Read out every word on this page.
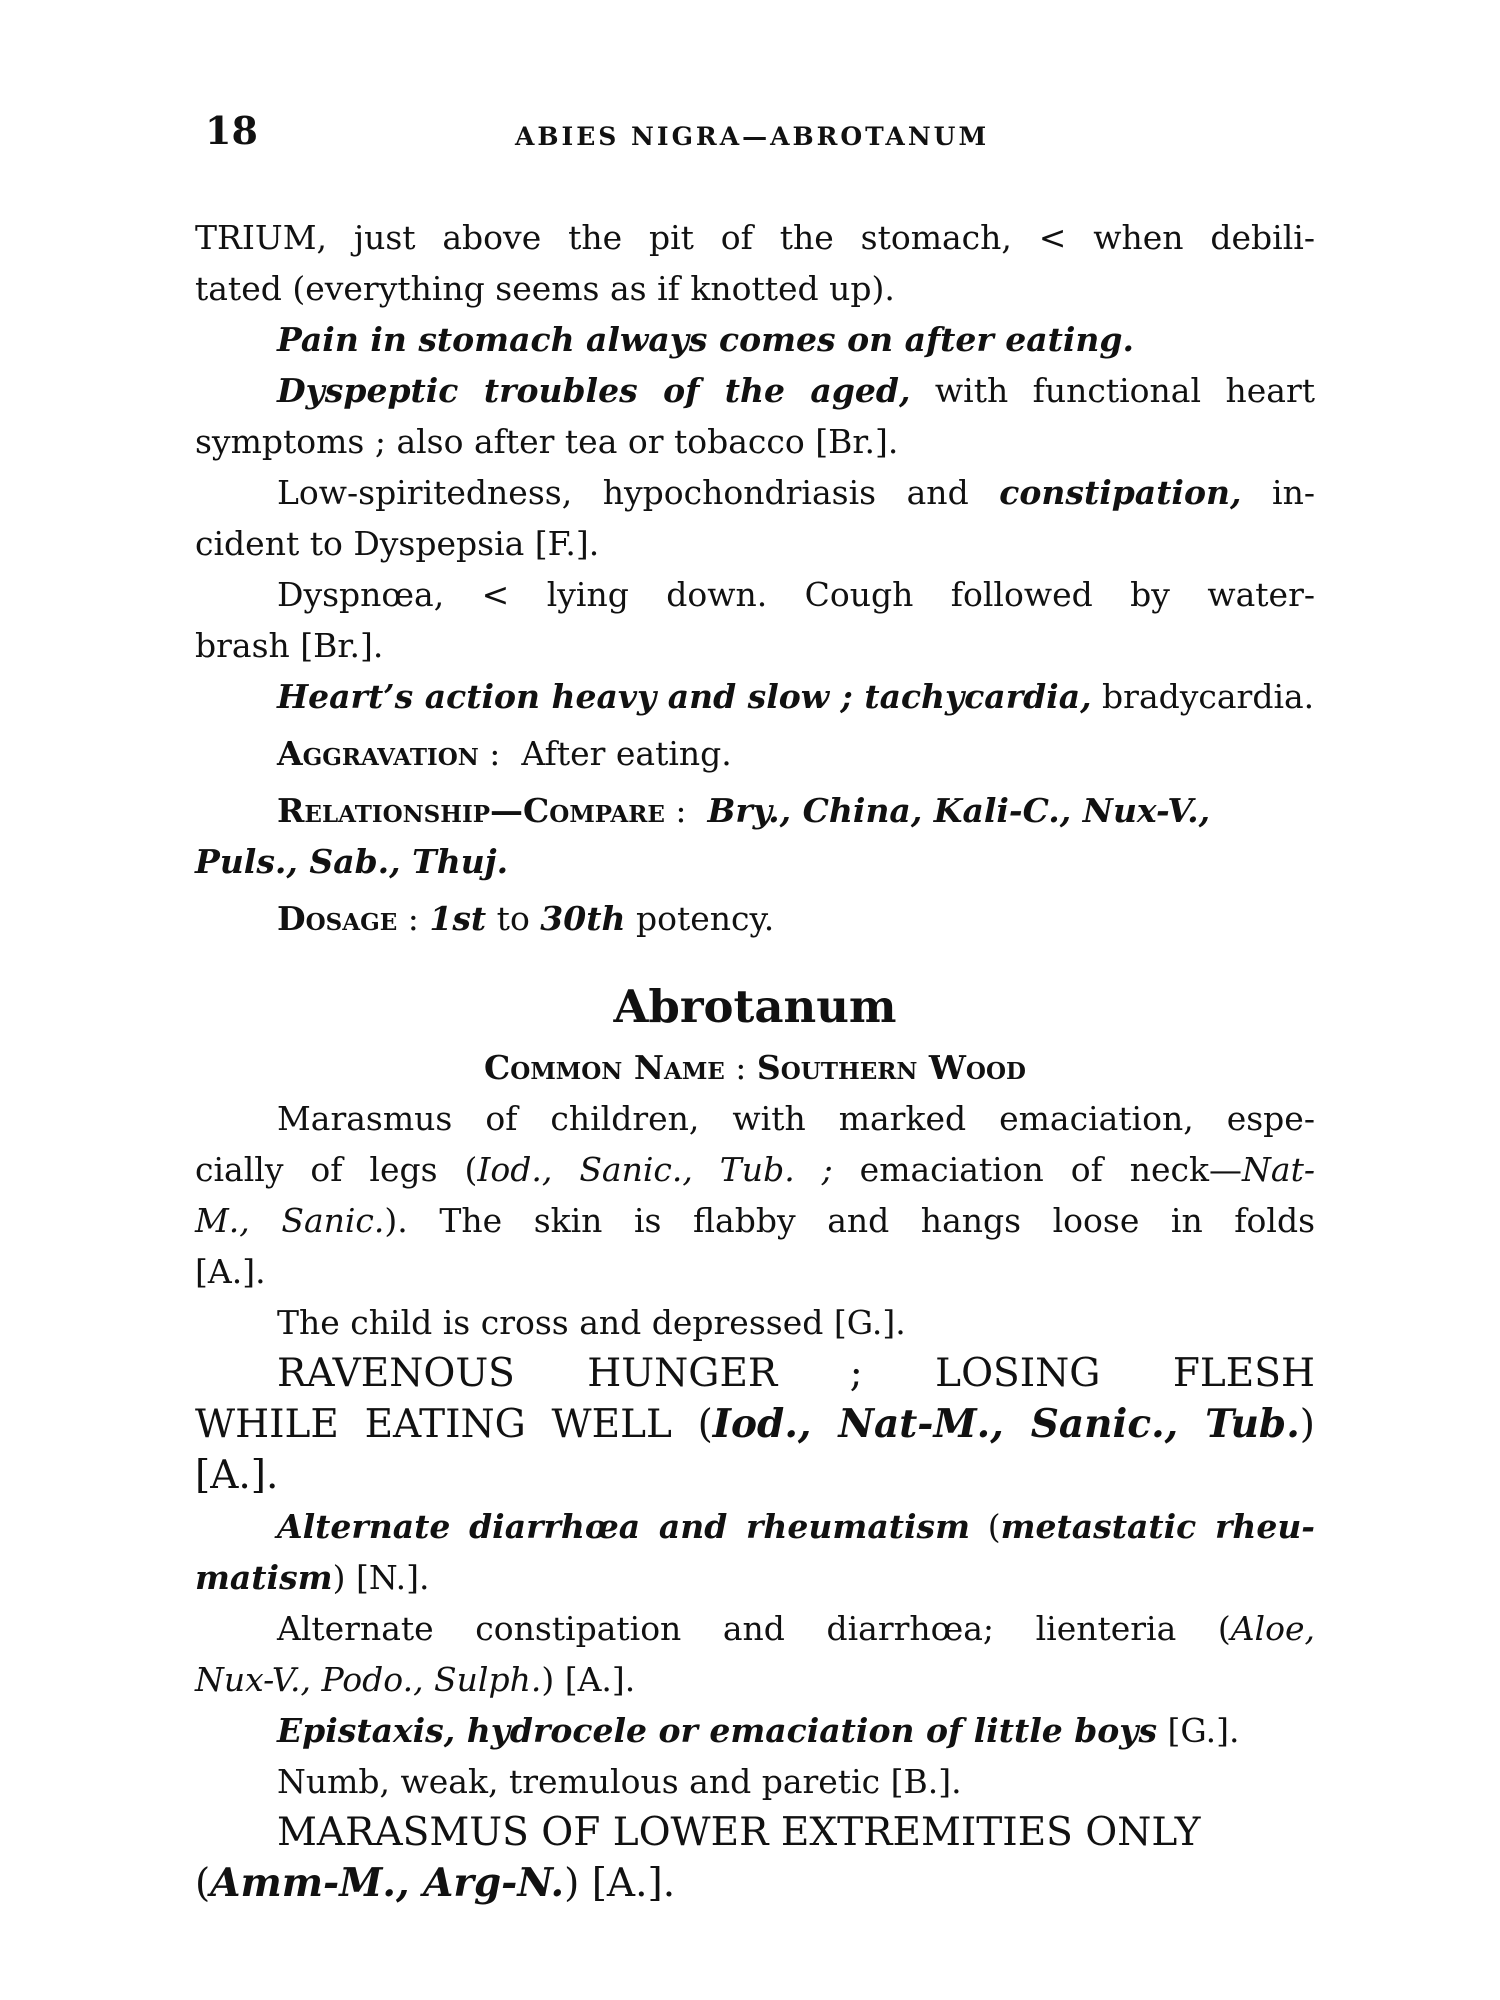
18	ABIES NIGRA—ABROTANUM
TRIUM, just above the pit of the stomach, < when debili-
tated (everything seems as if knotted up).
Pain in stomach always comes on after eating.
Dyspeptic troubles of the aged, with functional heart
symptoms ; also after tea or tobacco [Br.].
Low-spiritedness, hypochondriasis and constipation, in-
cident to Dyspepsia [F.].
Dyspnœa, < lying down. Cough followed by water-
brash [Br.].
Heart’s action heavy and slow ; tachycardia, bradycardia.
Aggravation :  After eating.
Relationship—Compare :  Bry., China, Kali-C., Nux-V.,
Puls., Sab., Thuj.
Dosage : 1st to 30th potency.
Abrotanum
Common Name : Southern Wood
Marasmus of children, with marked emaciation, espe-
cially of legs (Iod., Sanic., Tub. ; emaciation of neck—Nat-
M., Sanic.). The skin is flabby and hangs loose in folds
[A.].
The child is cross and depressed [G.].
RAVENOUS HUNGER ; LOSING FLESH
WHILE EATING WELL (Iod., Nat-M., Sanic., Tub.)
[A.].
Alternate diarrhœa and rheumatism (metastatic rheu-
matism) [N.].
Alternate constipation and diarrhœa; lienteria (Aloe,
Nux-V., Podo., Sulph.) [A.].
Epistaxis, hydrocele or emaciation of little boys [G.].
Numb, weak, tremulous and paretic [B.].
MARASMUS OF LOWER EXTREMITIES ONLY
(Amm-M., Arg-N.) [A.].
